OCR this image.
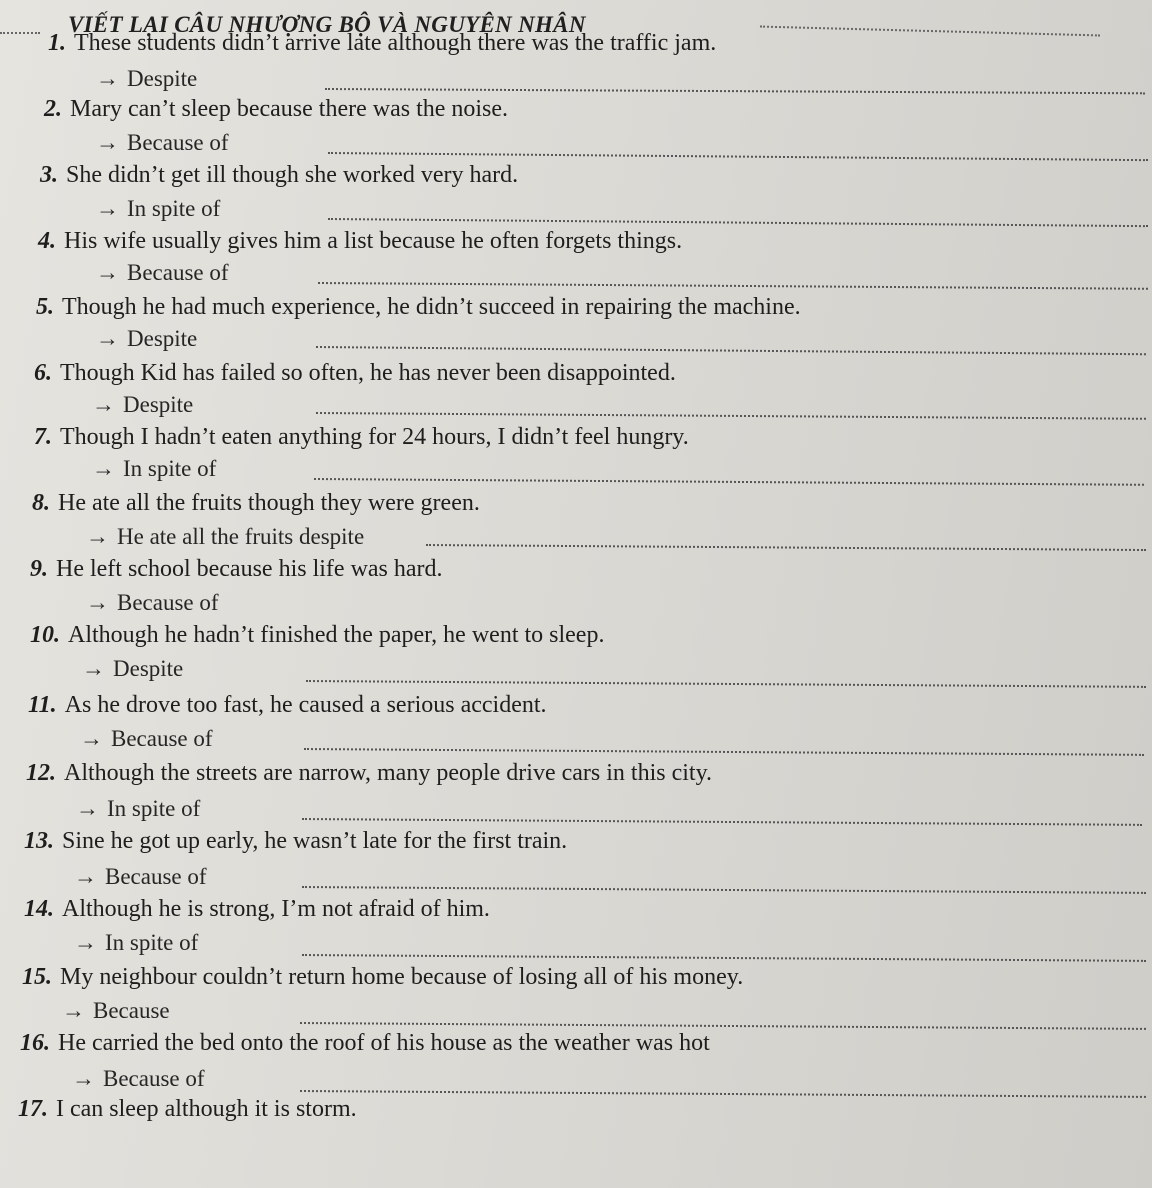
VIẾT LẠI CÂU NHƯỢNG BỘ VÀ NGUYÊN NHÂN
1. These students didn’t arrive late although there was the traffic jam.
→ Despite
2. Mary can’t sleep because there was the noise.
→ Because of
3. She didn’t get ill though she worked very hard.
→ In spite of
4. His wife usually gives him a list because he often forgets things.
→ Because of
5. Though he had much experience, he didn’t succeed in repairing the machine.
→ Despite
6. Though Kid has failed so often, he has never been disappointed.
→ Despite
7. Though I hadn’t eaten anything for 24 hours, I didn’t feel hungry.
→ In spite of
8. He ate all the fruits though they were green.
→ He ate all the fruits despite
9. He left school because his life was hard.
→ Because of
10. Although he hadn’t finished the paper, he went to sleep.
→ Despite
11. As he drove too fast, he caused a serious accident.
→ Because of
12. Although the streets are narrow, many people drive cars in this city.
→ In spite of
13. Sine he got up early, he wasn’t late for the first train.
→ Because of
14. Although he is strong, I’m not afraid of him.
→ In spite of
15. My neighbour couldn’t return home because of losing all of his money.
→ Because
16. He carried the bed onto the roof of his house as the weather was hot
→ Because of
17. I can sleep although it is storm.
